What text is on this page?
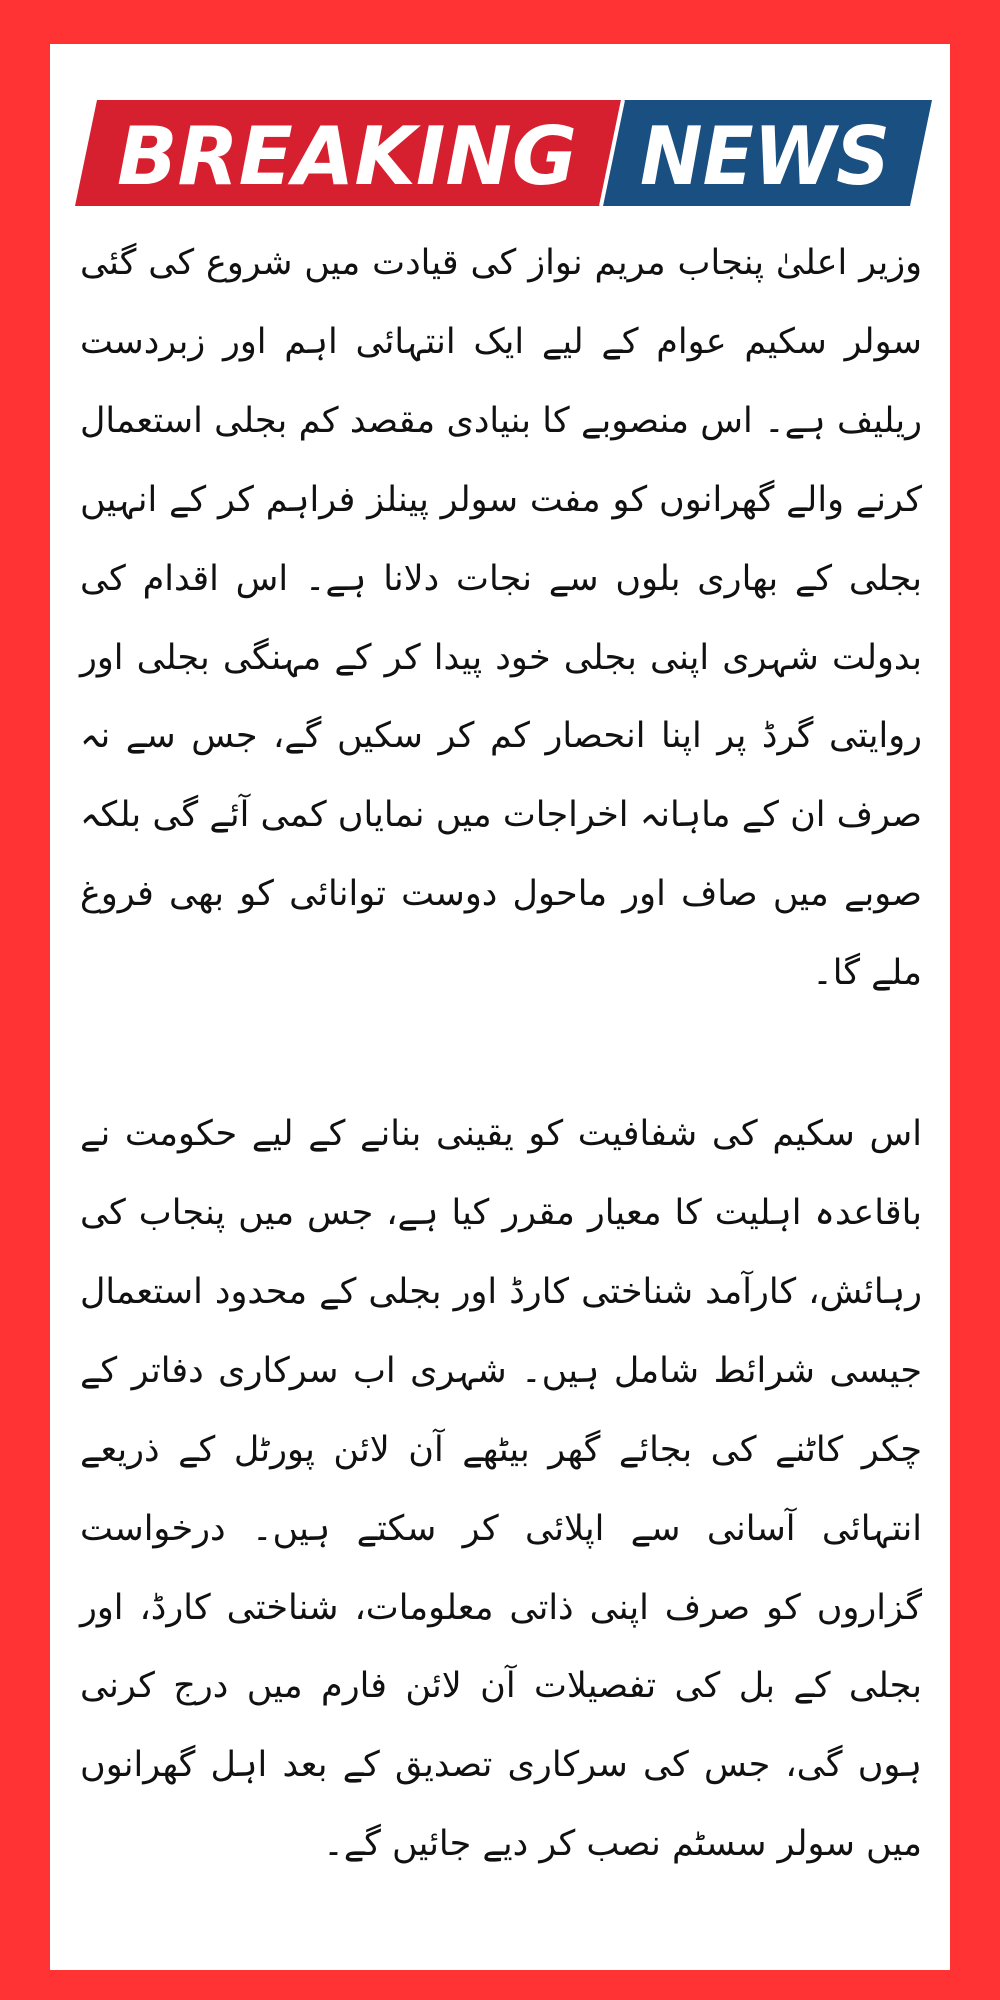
BREAKING NEWS

وزیر اعلیٰ پنجاب مریم نواز کی قیادت میں شروع کی گئی سولر سکیم عوام کے لیے ایک انتہائی اہم اور زبردست ریلیف ہے۔ اس منصوبے کا بنیادی مقصد کم بجلی استعمال کرنے والے گھرانوں کو مفت سولر پینلز فراہم کر کے انہیں بجلی کے بھاری بلوں سے نجات دلانا ہے۔ اس اقدام کی بدولت شہری اپنی بجلی خود پیدا کر کے مہنگی بجلی اور روایتی گرڈ پر اپنا انحصار کم کر سکیں گے، جس سے نہ صرف ان کے ماہانہ اخراجات میں نمایاں کمی آئے گی بلکہ صوبے میں صاف اور ماحول دوست توانائی کو بھی فروغ ملے گا۔

اس سکیم کی شفافیت کو یقینی بنانے کے لیے حکومت نے باقاعدہ اہلیت کا معیار مقرر کیا ہے، جس میں پنجاب کی رہائش، کارآمد شناختی کارڈ اور بجلی کے محدود استعمال جیسی شرائط شامل ہیں۔ شہری اب سرکاری دفاتر کے چکر کاٹنے کی بجائے گھر بیٹھے آن لائن پورٹل کے ذریعے انتہائی آسانی سے اپلائی کر سکتے ہیں۔ درخواست گزاروں کو صرف اپنی ذاتی معلومات، شناختی کارڈ، اور بجلی کے بل کی تفصیلات آن لائن فارم میں درج کرنی ہوں گی، جس کی سرکاری تصدیق کے بعد اہل گھرانوں میں سولر سسٹم نصب کر دیے جائیں گے۔
